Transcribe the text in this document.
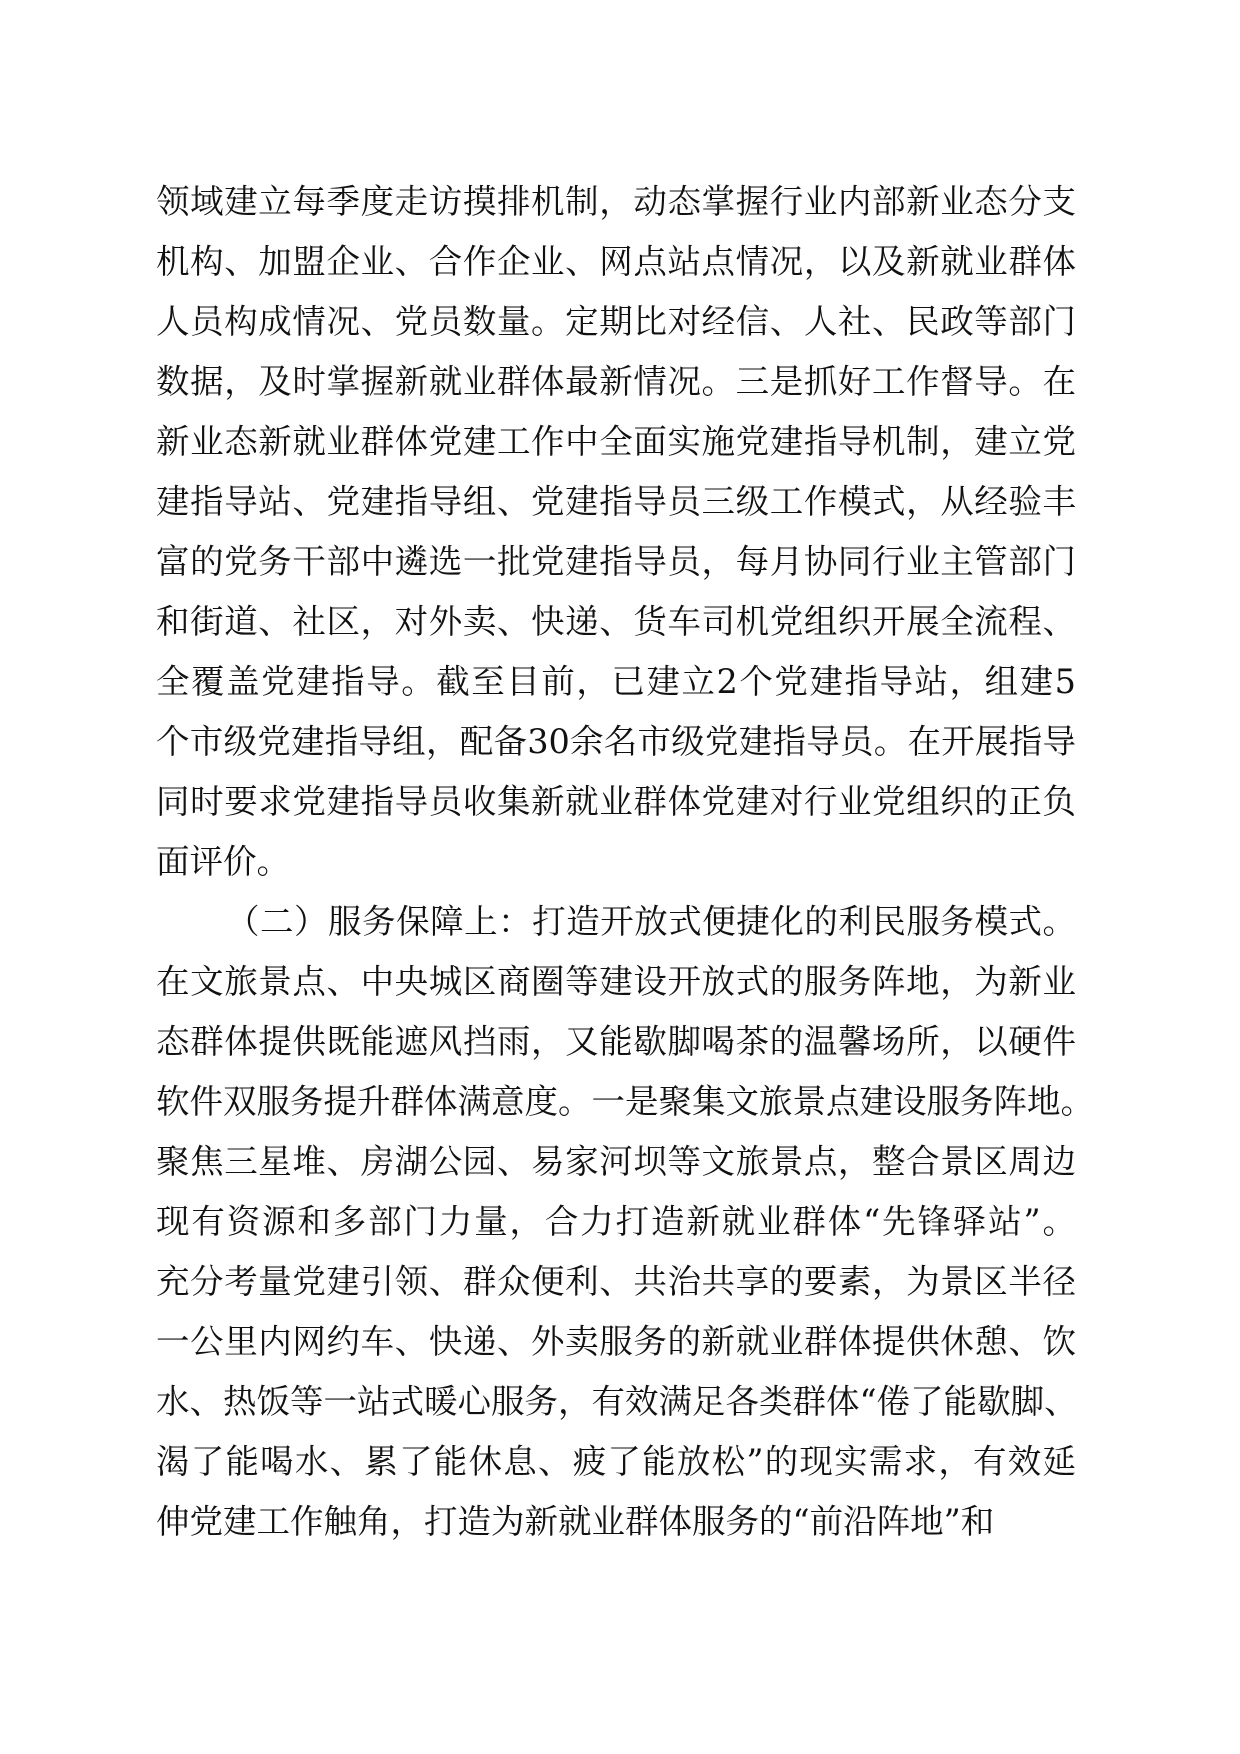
领域建立每季度走访摸排机制，动态掌握行业内部新业态分支
机构、加盟企业、合作企业、网点站点情况，以及新就业群体
人员构成情况、党员数量。定期比对经信、人社、民政等部门
数据，及时掌握新就业群体最新情况。三是抓好工作督导。在
新业态新就业群体党建工作中全面实施党建指导机制，建立党
建指导站、党建指导组、党建指导员三级工作模式，从经验丰
富的党务干部中遴选一批党建指导员，每月协同行业主管部门
和街道、社区，对外卖、快递、货车司机党组织开展全流程、
全覆盖党建指导。截至目前，已建立2个党建指导站，组建5
个市级党建指导组，配备30余名市级党建指导员。在开展指导
同时要求党建指导员收集新就业群体党建对行业党组织的正负
面评价。
（二）服务保障上：打造开放式便捷化的利民服务模式。
在文旅景点、中央城区商圈等建设开放式的服务阵地，为新业
态群体提供既能遮风挡雨，又能歇脚喝茶的温馨场所，以硬件
软件双服务提升群体满意度。一是聚集文旅景点建设服务阵地。
聚焦三星堆、房湖公园、易家河坝等文旅景点，整合景区周边
现有资源和多部门力量，合力打造新就业群体“先锋驿站”。
充分考量党建引领、群众便利、共治共享的要素，为景区半径
一公里内网约车、快递、外卖服务的新就业群体提供休憩、饮
水、热饭等一站式暖心服务，有效满足各类群体“倦了能歇脚、
渴了能喝水、累了能休息、疲了能放松”的现实需求，有效延
伸党建工作触角，打造为新就业群体服务的“前沿阵地”和
